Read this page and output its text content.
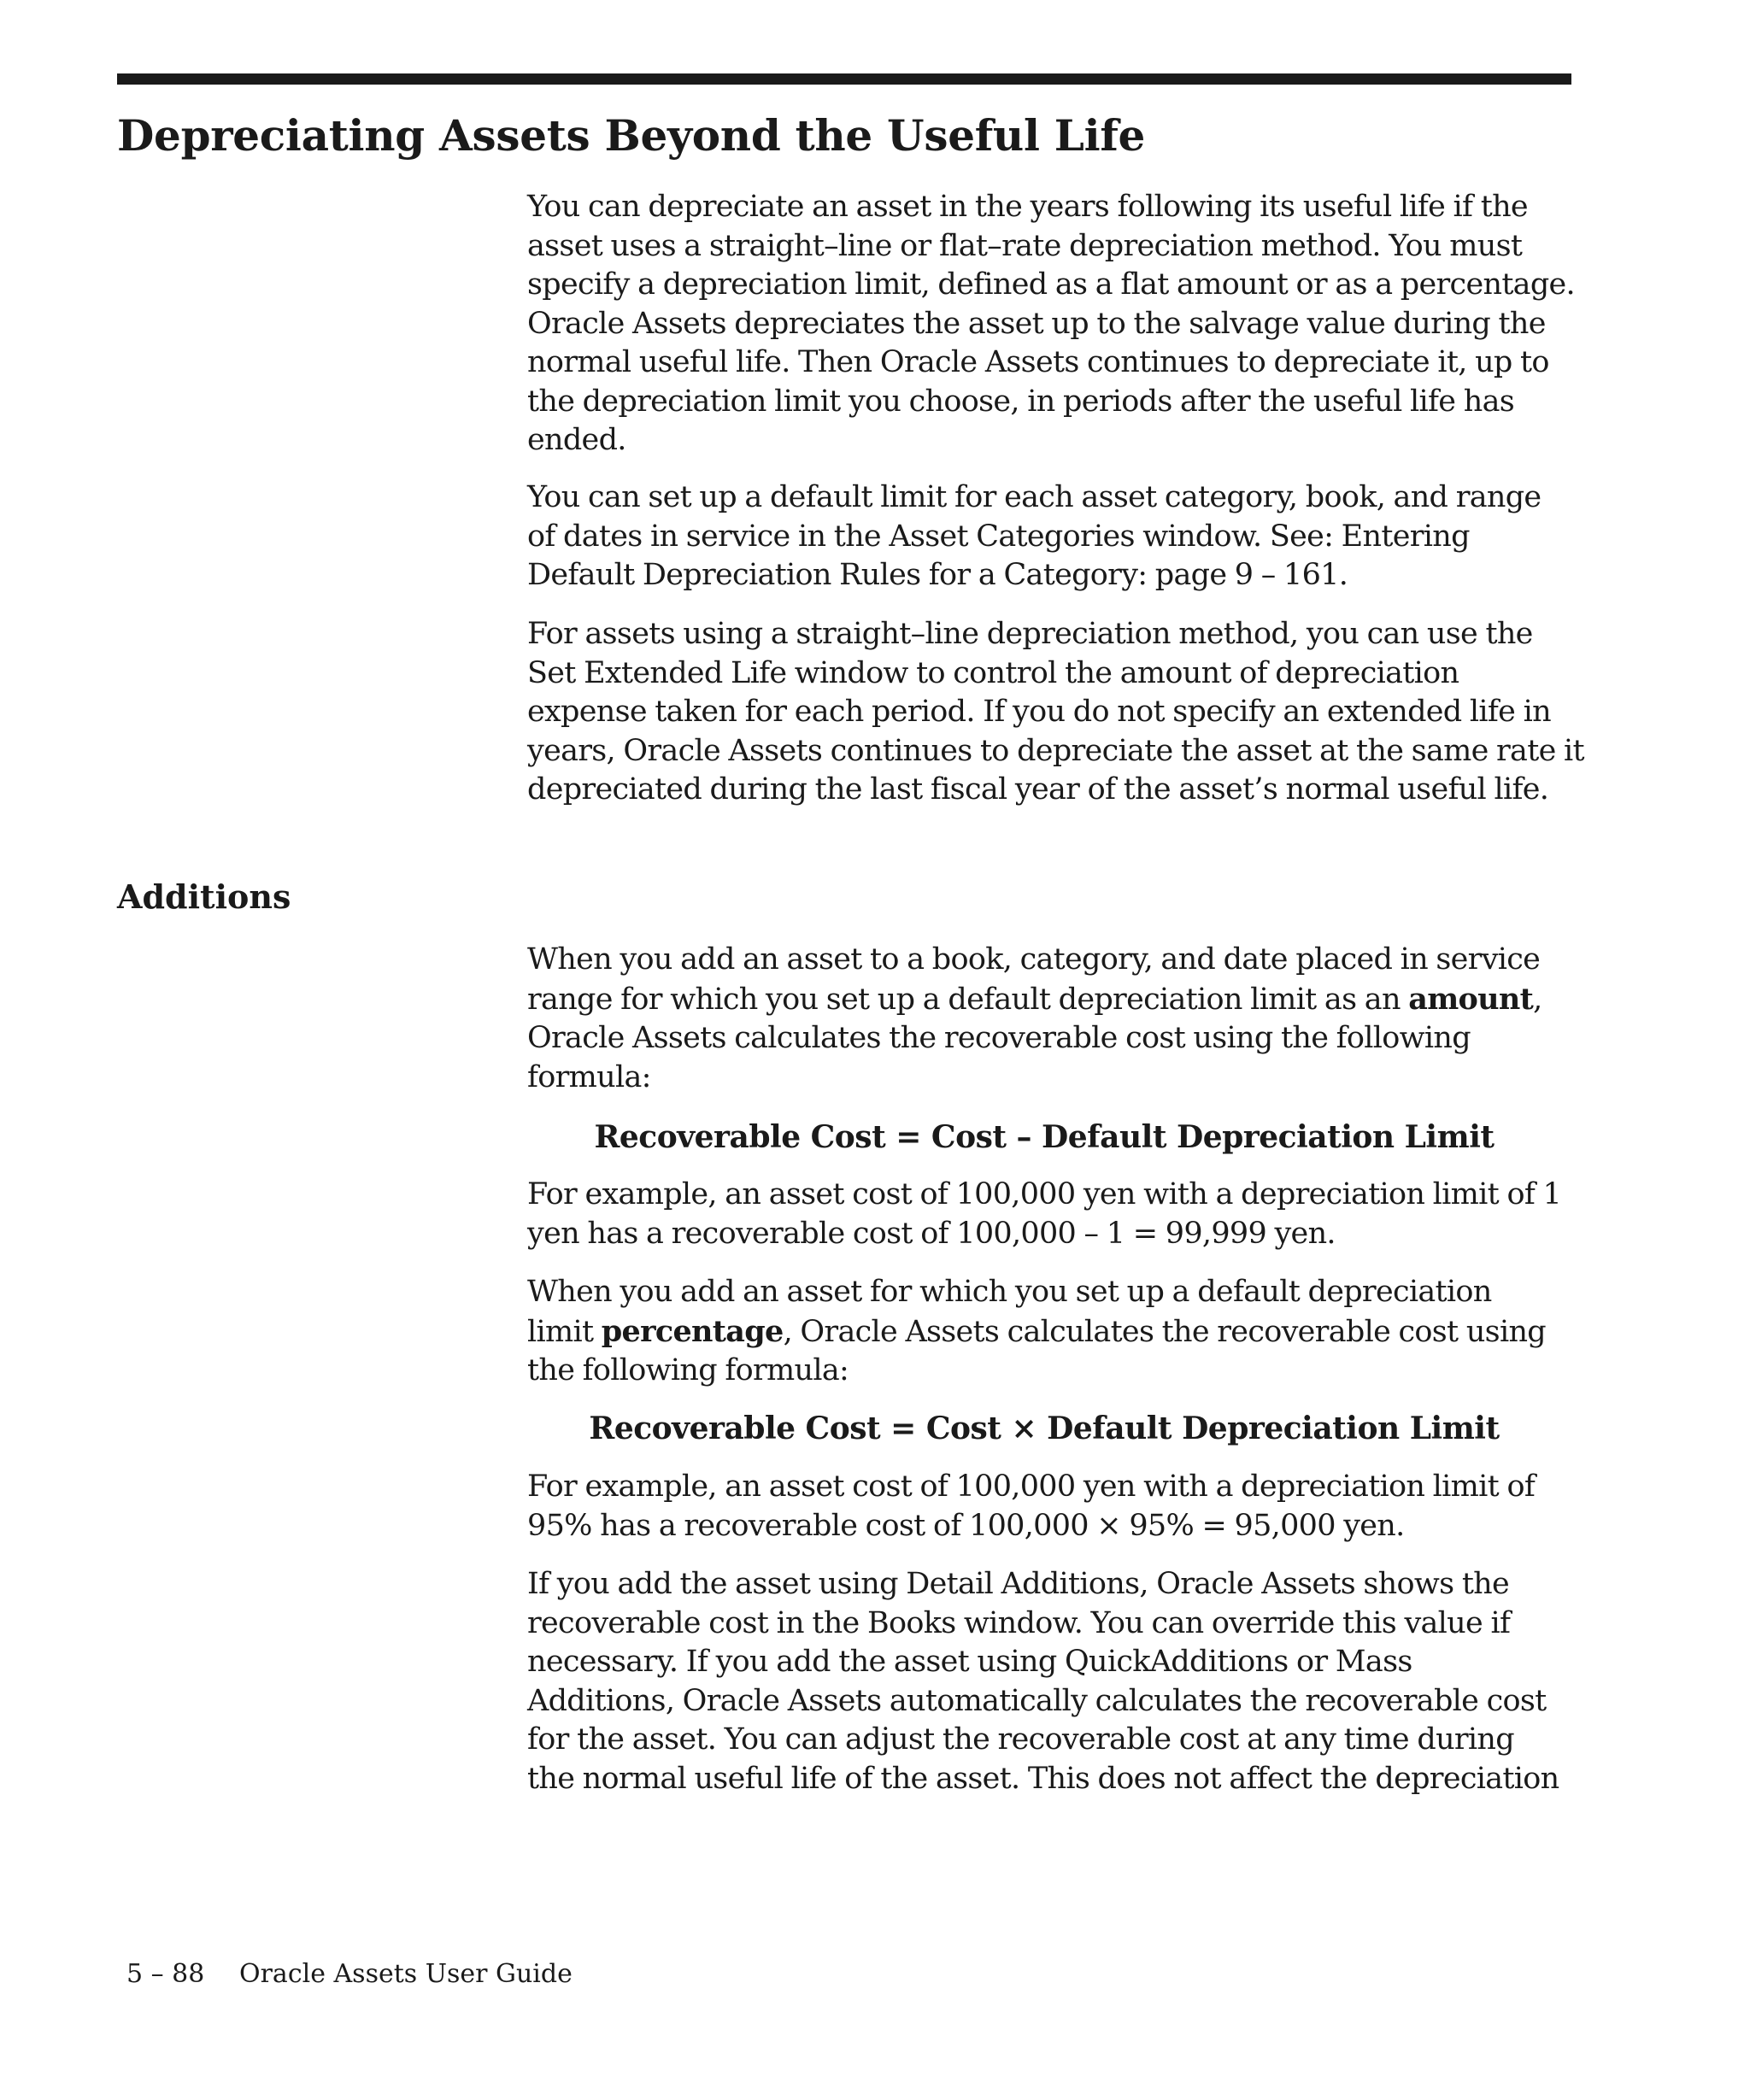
Depreciating Assets Beyond the Useful Life

You can depreciate an asset in the years following its useful life if the
asset uses a straight–line or flat–rate depreciation method. You must
specify a depreciation limit, defined as a flat amount or as a percentage.
Oracle Assets depreciates the asset up to the salvage value during the
normal useful life. Then Oracle Assets continues to depreciate it, up to
the depreciation limit you choose, in periods after the useful life has
ended.

You can set up a default limit for each asset category, book, and range
of dates in service in the Asset Categories window. See: Entering
Default Depreciation Rules for a Category: page 9 – 161.

For assets using a straight–line depreciation method, you can use the
Set Extended Life window to control the amount of depreciation
expense taken for each period. If you do not specify an extended life in
years, Oracle Assets continues to depreciate the asset at the same rate it
depreciated during the last fiscal year of the asset’s normal useful life.

Additions

When you add an asset to a book, category, and date placed in service
range for which you set up a default depreciation limit as an amount,
Oracle Assets calculates the recoverable cost using the following
formula:

Recoverable Cost = Cost – Default Depreciation Limit

For example, an asset cost of 100,000 yen with a depreciation limit of 1
yen has a recoverable cost of 100,000 – 1 = 99,999 yen.

When you add an asset for which you set up a default depreciation
limit percentage, Oracle Assets calculates the recoverable cost using
the following formula:

Recoverable Cost = Cost × Default Depreciation Limit

For example, an asset cost of 100,000 yen with a depreciation limit of
95% has a recoverable cost of 100,000 × 95% = 95,000 yen.

If you add the asset using Detail Additions, Oracle Assets shows the
recoverable cost in the Books window. You can override this value if
necessary. If you add the asset using QuickAdditions or Mass
Additions, Oracle Assets automatically calculates the recoverable cost
for the asset. You can adjust the recoverable cost at any time during
the normal useful life of the asset. This does not affect the depreciation

5 – 88 Oracle Assets User Guide
